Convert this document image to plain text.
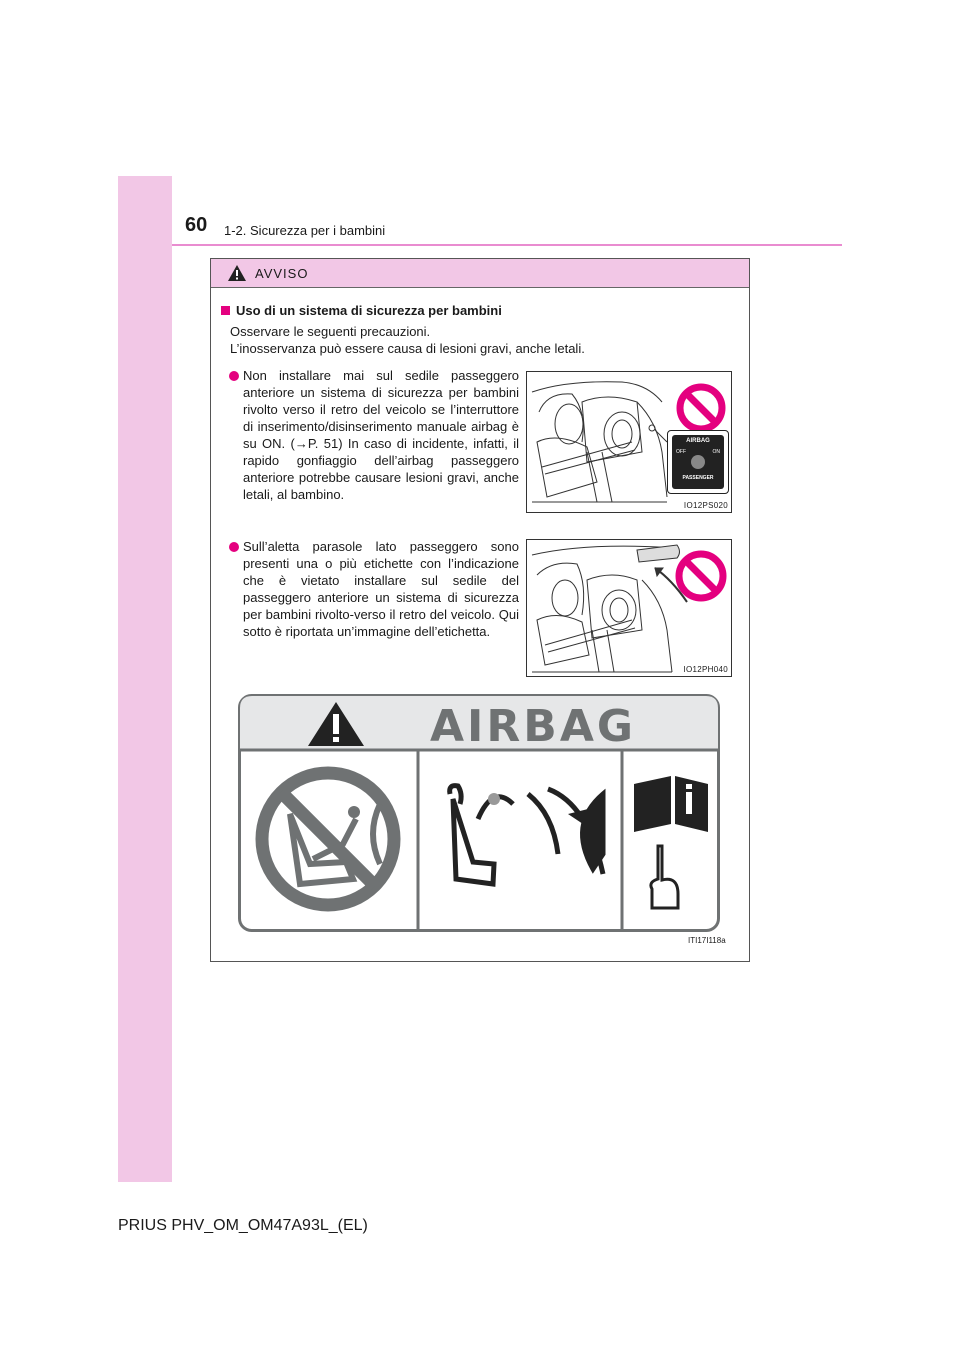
60 1-2. Sicurezza per i bambini
AVVISO
Uso di un sistema di sicurezza per bambini
Osservare le seguenti precauzioni.
L’inosservanza può essere causa di lesioni gravi, anche letali.
Non installare mai sul sedile passeggero anteriore un sistema di sicurezza per bambini rivolto verso il retro del veicolo se l’interruttore di inserimento/disinserimento manuale airbag è su ON. (→P. 51) In caso di incidente, infatti, il rapido gonfiaggio dell’airbag passeggero anteriore potrebbe causare lesioni gravi, anche letali, al bambino.
AIRBAG
OFF	ON
PASSENGER
IO12PS020
Sull’aletta parasole lato passeggero sono presenti una o più etichette con l’indicazione che è vietato installare sul sedile del passeggero anteriore un sistema di sicurezza per bambini rivolto-verso il retro del veicolo. Qui sotto è riportata un’immagine dell’etichetta.
IO12PH040
AIRBAG
ITI17I118a
PRIUS PHV_OM_OM47A93L_(EL)
